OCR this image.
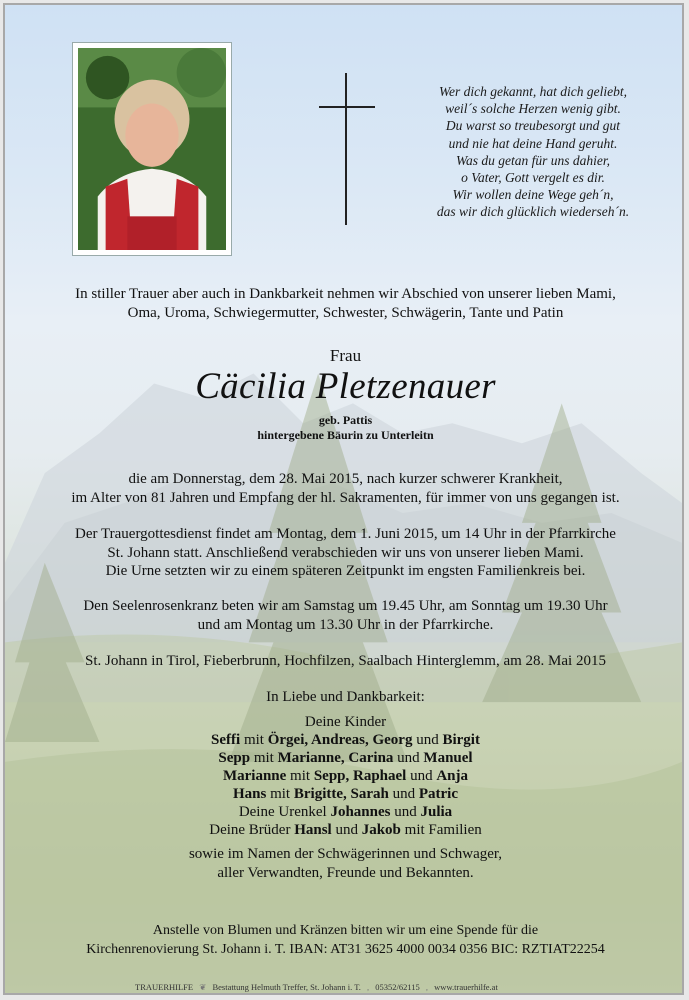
Wer dich gekannt, hat dich geliebt,
weil´s solche Herzen wenig gibt.
Du warst so treubesorgt und gut
und nie hat deine Hand geruht.
Was du getan für uns dahier,
o Vater, Gott vergelt es dir.
Wir wollen deine Wege geh´n,
das wir dich glücklich wiederseh´n.
In stiller Trauer aber auch in Dankbarkeit nehmen wir Abschied von unserer lieben Mami,
Oma, Uroma, Schwiegermutter, Schwester, Schwägerin, Tante und Patin
Frau
Cäcilia Pletzenauer
geb. Pattis
hintergebene Bäurin zu Unterleitn
die am Donnerstag, dem 28. Mai 2015, nach kurzer schwerer Krankheit,
im Alter von 81 Jahren und Empfang der hl. Sakramenten, für immer von uns gegangen ist.
Der Trauergottesdienst findet am Montag, dem 1. Juni 2015, um 14 Uhr in der Pfarrkirche
St. Johann statt. Anschließend verabschieden wir uns von unserer lieben Mami.
Die Urne setzten wir zu einem späteren Zeitpunkt im engsten Familienkreis bei.
Den Seelenrosenkranz beten wir am Samstag um 19.45 Uhr, am Sonntag um 19.30 Uhr
und am Montag um 13.30 Uhr in der Pfarrkirche.
St. Johann in Tirol, Fieberbrunn, Hochfilzen, Saalbach Hinterglemm, am 28. Mai 2015
In Liebe und Dankbarkeit:
Deine Kinder
Seffi mit Örgei, Andreas, Georg und Birgit
Sepp mit Marianne, Carina und Manuel
Marianne mit Sepp, Raphael und Anja
Hans mit Brigitte, Sarah und Patric
Deine Urenkel Johannes und Julia
Deine Brüder Hansl und Jakob mit Familien
sowie im Namen der Schwägerinnen und Schwager,
aller Verwandten, Freunde und Bekannten.
Anstelle von Blumen und Kränzen bitten wir um eine Spende für die
Kirchenrenovierung St. Johann i. T. IBAN: AT31 3625 4000 0034 0356 BIC: RZTIAT22254
TRAUERHILFE ❦ Bestattung Helmuth Treffer, St. Johann i. T. , 05352/62115 , www.trauerhilfe.at
